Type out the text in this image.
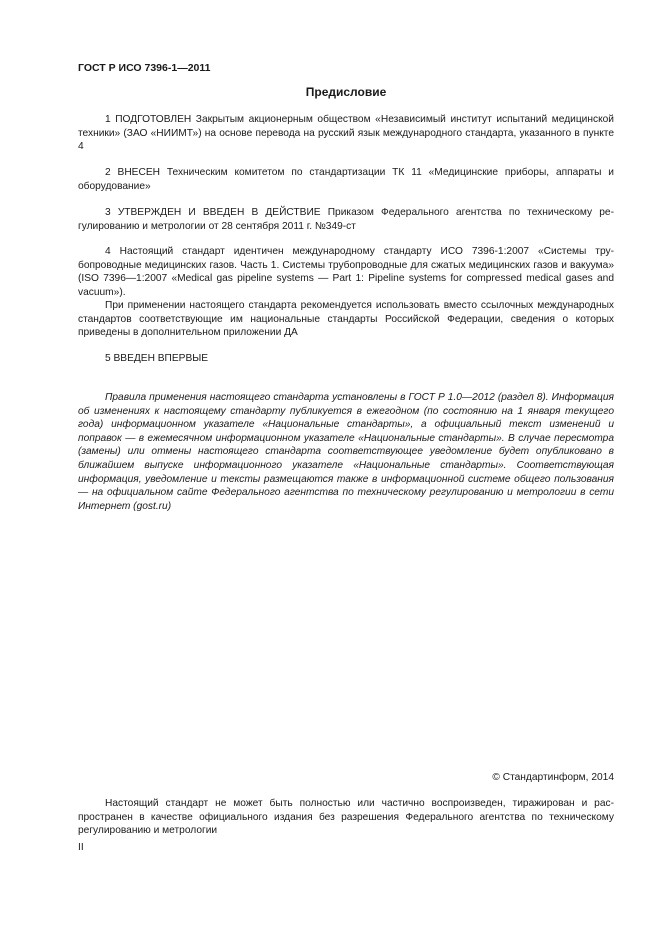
ГОСТ Р ИСО 7396-1—2011
Предисловие

1 ПОДГОТОВЛЕН Закрытым акционерным обществом «Независимый институт испытаний медицинской техники» (ЗАО «НИИМТ») на основе перевода на русский язык международного стандарта, указанного в пункте 4

2 ВНЕСЕН Техническим комитетом по стандартизации ТК 11 «Медицинские приборы, аппараты и оборудование»

3 УТВЕРЖДЕН И ВВЕДЕН В ДЕЙСТВИЕ Приказом Федерального агентства по техническому регулированию и метрологии от 28 сентября 2011 г. №349-ст

4 Настоящий стандарт идентичен международному стандарту ИСО 7396-1:2007 «Системы трубопроводные медицинских газов. Часть 1. Системы трубопроводные для сжатых медицинских газов и вакуума» (ISO 7396—1:2007 «Medical gas pipeline systems — Part 1: Pipeline systems for compressed medical gases and vacuum»).

При применении настоящего стандарта рекомендуется использовать вместо ссылочных международных стандартов соответствующие им национальные стандарты Российской Федерации, сведения о которых приведены в дополнительном приложении ДА

5 ВВЕДЕН ВПЕРВЫЕ

Правила применения настоящего стандарта установлены в ГОСТ Р 1.0—2012 (раздел 8). Информация об изменениях к настоящему стандарту публикуется в ежегодном (по состоянию на 1 января текущего года) информационном указателе «Национальные стандарты», а официальный текст изменений и поправок — в ежемесячном информационном указателе «Национальные стандарты». В случае пересмотра (замены) или отмены настоящего стандарта соответствующее уведомление будет опубликовано в ближайшем выпуске информационного указателе «Национальные стандарты». Соответствующая информация, уведомление и тексты размещаются также в информационной системе общего пользования — на официальном сайте Федерального агентства по техническому регулированию и метрологии в сети Интернет (gost.ru)

© Стандартинформ, 2014

Настоящий стандарт не может быть полностью или частично воспроизведен, тиражирован и распространен в качестве официального издания без разрешения Федерального агентства по техническому регулированию и метрологии

II
